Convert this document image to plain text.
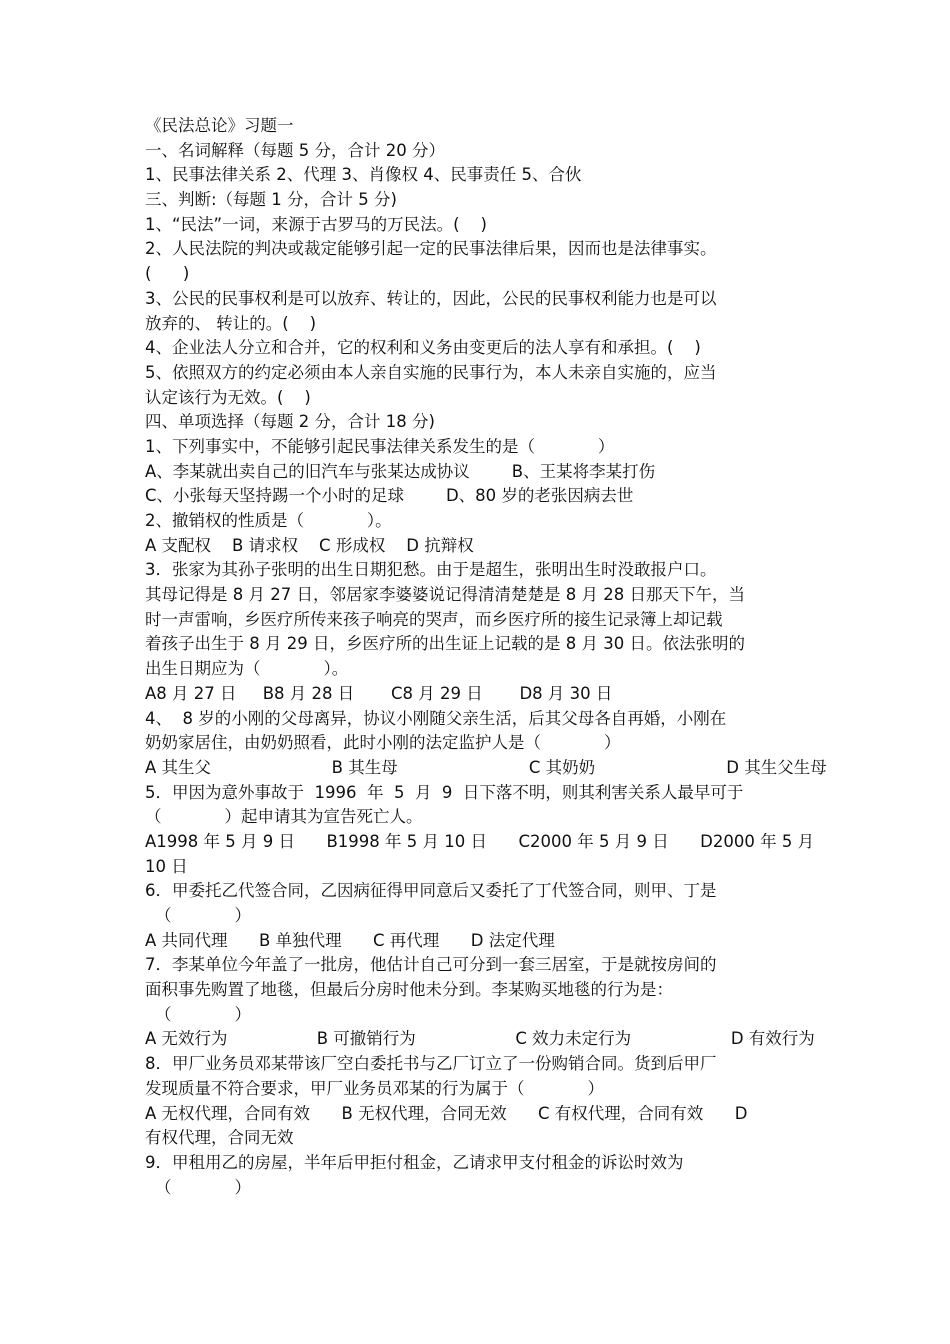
《民法总论》习题一
一、名词解释（每题 5 分，合计 20 分）
1、民事法律关系 2、代理 3、肖像权 4、民事责任 5、合伙
三、判断:（每题 1 分，合计 5 分)
1、“民法”一词，来源于古罗马的万民法。(    )
2、人民法院的判决或裁定能够引起一定的民事法律后果，因而也是法律事实。
(      )
3、公民的民事权利是可以放弃、转让的，因此，公民的民事权利能力也是可以
放弃的、 转让的。(    )
4、企业法人分立和合并，它的权利和义务由变更后的法人享有和承担。(    )
5、依照双方的约定必须由本人亲自实施的民事行为，本人未亲自实施的，应当
认定该行为无效。(    )
四、单项选择（每题 2 分，合计 18 分)
1、下列事实中，不能够引起民事法律关系发生的是（            ）
A、李某就出卖自己的旧汽车与张某达成协议        B、王某将李某打伤
C、小张每天坚持踢一个小时的足球        D、80 岁的老张因病去世
2、撤销权的性质是（            ）。
A 支配权    B 请求权    C 形成权    D 抗辩权
3．张家为其孙子张明的出生日期犯愁。由于是超生，张明出生时没敢报户口。
其母记得是 8 月 27 日，邻居家李婆婆说记得清清楚楚是 8 月 28 日那天下午，当
时一声雷响，乡医疗所传来孩子响亮的哭声，而乡医疗所的接生记录簿上却记载
着孩子出生于 8 月 29 日，乡医疗所的出生证上记载的是 8 月 30 日。依法张明的
出生日期应为（            ）。
A8 月 27 日     B8 月 28 日       C8 月 29 日       D8 月 30 日
4、  8 岁的小刚的父母离异，协议小刚随父亲生活，后其父母各自再婚，小刚在
奶奶家居住，由奶奶照看，此时小刚的法定监护人是（            ）
A 其生父                       B 其生母                         C 其奶奶                         D 其生父生母
5．甲因为意外事故于  1996  年  5  月  9  日下落不明，则其利害关系人最早可于
（            ）起申请其为宣告死亡人。
A1998 年 5 月 9 日      B1998 年 5 月 10 日      C2000 年 5 月 9 日      D2000 年 5 月
10 日
6．甲委托乙代签合同，乙因病征得甲同意后又委托了丁代签合同，则甲、丁是
（            ）
A 共同代理      B 单独代理      C 再代理      D 法定代理
7．李某单位今年盖了一批房，他估计自己可分到一套三居室，于是就按房间的
面积事先购置了地毯，但最后分房时他未分到。李某购买地毯的行为是：
（            ）
A 无效行为                 B 可撤销行为                   C 效力未定行为                   D 有效行为
8．甲厂业务员邓某带该厂空白委托书与乙厂订立了一份购销合同。货到后甲厂
发现质量不符合要求，甲厂业务员邓某的行为属于（            ）
A 无权代理，合同有效      B 无权代理，合同无效      C 有权代理，合同有效      D
有权代理，合同无效
9．甲租用乙的房屋，半年后甲拒付租金，乙请求甲支付租金的诉讼时效为
（            ）
